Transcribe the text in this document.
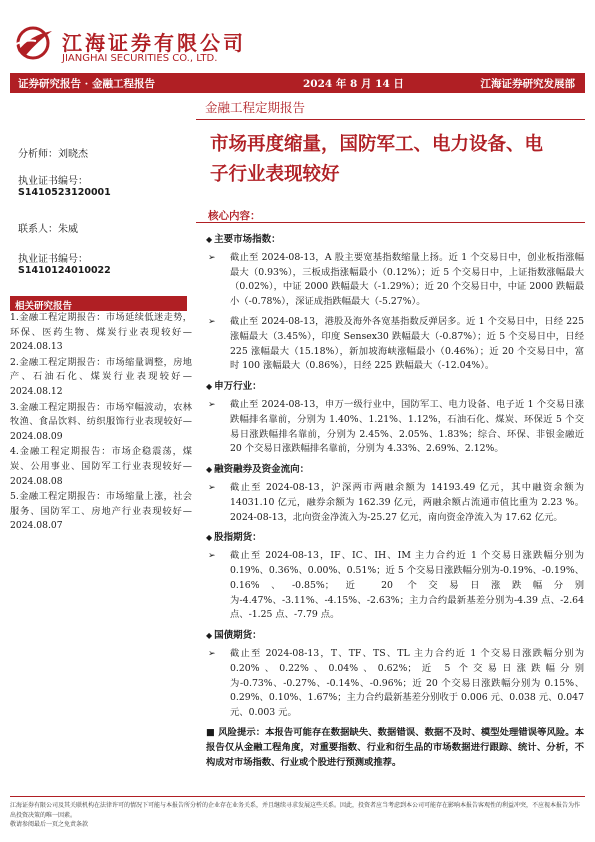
江海证券有限公司
JIANGHAI SECURITIES CO., LTD.
证券研究报告 · 金融工程报告	2024 年 8 月 14 日	江海证券研究发展部
金融工程定期报告
市场再度缩量，国防军工、电力设备、电子行业表现较好
分析师：刘晓杰
执业证书编号：
S1410523120001
联系人：朱威
执业证书编号：
S1410124010022
相关研究报告
1.金融工程定期报告：市场延续低迷走势，环保、医药生物、煤炭行业表现较好—2024.08.13
2.金融工程定期报告：市场缩量调整，房地产、石油石化、煤炭行业表现较好—2024.08.12
3.金融工程定期报告：市场窄幅波动，农林牧渔、食品饮料、纺织服饰行业表现较好—2024.08.09
4.金融工程定期报告：市场企稳震荡，煤炭、公用事业、国防军工行业表现较好—2024.08.08
5.金融工程定期报告：市场缩量上涨，社会服务、国防军工、房地产行业表现较好—2024.08.07
核心内容：
◆ 主要市场指数：
➢ 截止至 2024-08-13，A 股主要宽基指数缩量上扬。近 1 个交易日中，创业板指涨幅最大（0.93%），三板成指涨幅最小（0.12%）；近 5 个交易日中，上证指数涨幅最大（0.02%），中证 2000 跌幅最大（-1.29%）；近 20 个交易日中，中证 2000 跌幅最小（-0.78%），深证成指跌幅最大（-5.27%）。
➢ 截止至 2024-08-13，港股及海外各宽基指数反弹居多。近 1 个交易日中，日经 225 涨幅最大（3.45%），印度 Sensex30 跌幅最大（-0.87%）；近 5 个交易日中，日经 225 涨幅最大（15.18%），新加坡海峡涨幅最小（0.46%）；近 20 个交易日中，富时 100 涨幅最大（0.86%），日经 225 跌幅最大（-12.04%）。
◆ 申万行业：
➢ 截止至 2024-08-13，申万一级行业中，国防军工、电力设备、电子近 1 个交易日涨跌幅排名靠前，分别为 1.40%、1.21%、1.12%，石油石化、煤炭、环保近 5 个交易日涨跌幅排名靠前，分别为 2.45%、2.05%、1.83%；综合、环保、非银金融近 20 个交易日涨跌幅排名靠前，分别为 4.33%、2.69%、2.12%。
◆ 融资融券及资金流向：
➢ 截止至 2024-08-13，沪深两市两融余额为 14193.49 亿元，其中融资余额为 14031.10 亿元，融券余额为 162.39 亿元，两融余额占流通市值比重为 2.23 %。2024-08-13，北向资金净流入为-25.27 亿元，南向资金净流入为 17.62 亿元。
◆ 股指期货：
➢ 截止至 2024-08-13，IF、IC、IH、IM 主力合约近 1 个交易日涨跌幅分别为 0.19%、0.36%、0.00%、0.51%；近 5 个交易日涨跌幅分别为-0.19%、-0.19%、0.16%、-0.85%；近 20 个交易日涨跌幅分别为-4.47%、-3.11%、-4.15%、-2.63%；主力合约最新基差分别为-4.39 点、-2.64 点、-1.25 点、-7.79 点。
◆ 国债期货：
➢ 截止至 2024-08-13，T、TF、TS、TL 主力合约近 1 个交易日涨跌幅分别为 0.20%、0.22%、0.04%、0.62%；近 5 个交易日涨跌幅分别为-0.73%、-0.27%、-0.14%、-0.96%；近 20 个交易日涨跌幅分别为 0.15%、0.29%、0.10%、1.67%；主力合约最新基差分别收于 0.006 元、0.038 元、0.047 元、0.003 元。
■ 风险提示：本报告可能存在数据缺失、数据错误、数据不及时、模型处理错误等风险。本报告仅从金融工程角度，对重要指数、行业和衍生品的市场数据进行跟踪、统计、分析，不构成对市场指数、行业或个股进行预测或推荐。
江海证券有限公司及其关联机构在法律许可的情况下可能与本报告所分析的企业存在业务关系，并且继续寻求发展这些关系。因此，投资者应当考虑到本公司可能存在影响本报告客观性的利益冲突，不应视本报告为作出投资决策的唯一因素。
敬请参阅最后一页之免责条款
